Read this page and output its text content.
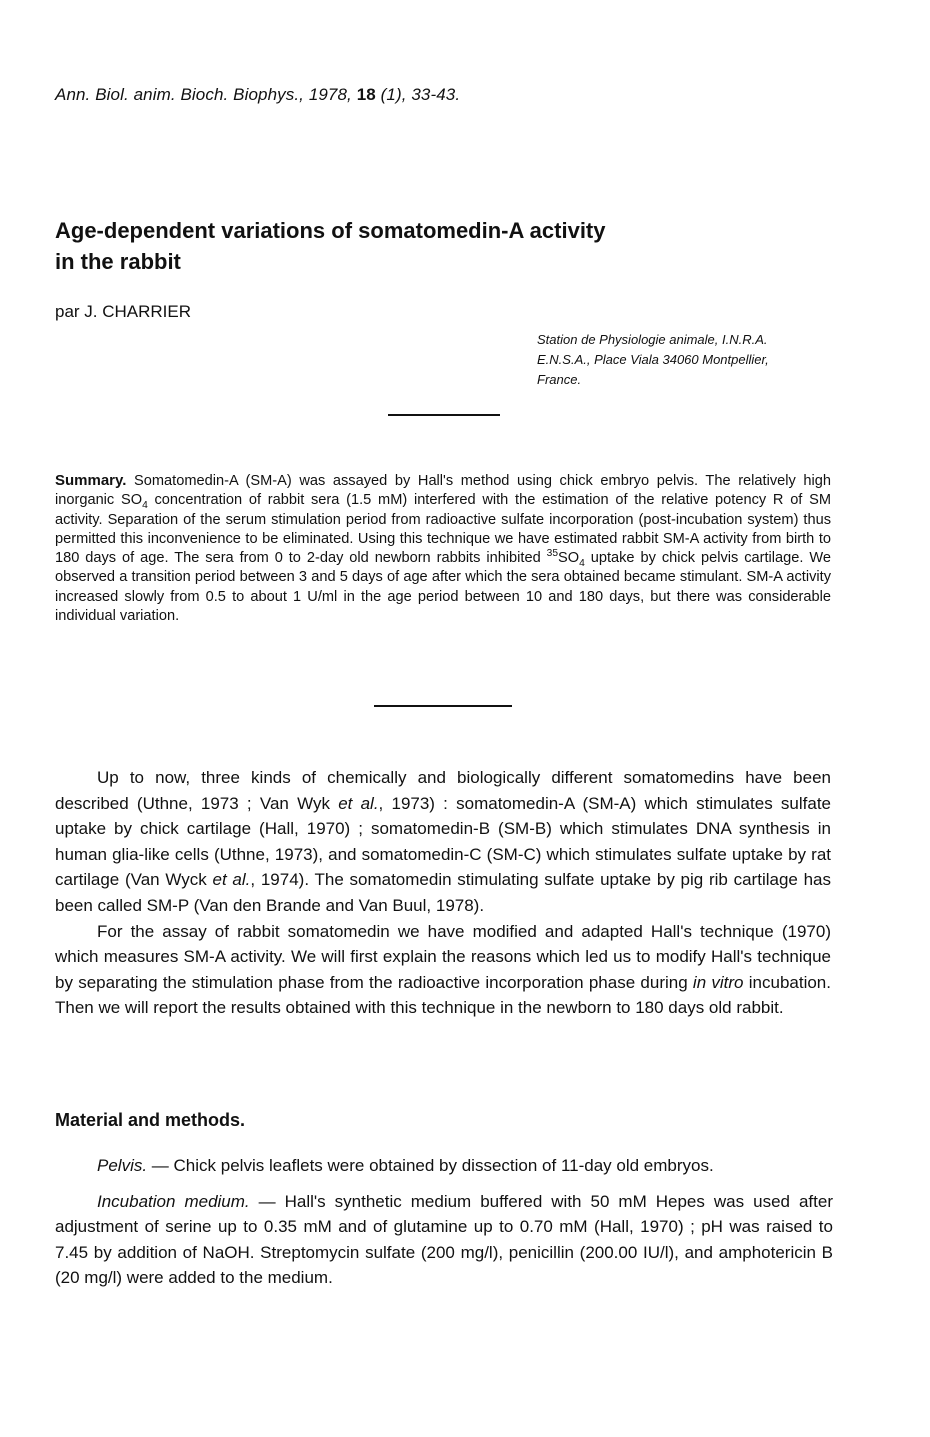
Ann. Biol. anim. Bioch. Biophys., 1978, 18 (1), 33-43.
Age-dependent variations of somatomedin-A activity
in the rabbit
par J. CHARRIER
Station de Physiologie animale, I.N.R.A.
E.N.S.A., Place Viala 34060 Montpellier,
France.
Summary. Somatomedin-A (SM-A) was assayed by Hall's method using chick embryo pelvis. The relatively high inorganic $SO_4$ concentration of rabbit sera (1.5 mM) interfered with the estimation of the relative potency R of SM activity. Separation of the serum stimulation period from radioactive sulfate incorporation (post-incubation system) thus permitted this inconvenience to be eliminated. Using this technique we have estimated rabbit SM-A activity from birth to 180 days of age. The sera from 0 to 2-day old newborn rabbits inhibited $^{35}SO_4$ uptake by chick pelvis cartilage. We observed a transition period between 3 and 5 days of age after which the sera obtained became stimulant. SM-A activity increased slowly from 0.5 to about 1 U/ml in the age period between 10 and 180 days, but there was considerable individual variation.

Up to now, three kinds of chemically and biologically different somatomedins have been described (Uthne, 1973 ; Van Wyk et al., 1973) : somatomedin-A (SM-A) which stimulates sulfate uptake by chick cartilage (Hall, 1970) ; somatomedin-B (SM-B) which stimulates DNA synthesis in human glia-like cells (Uthne, 1973), and somatomedin-C (SM-C) which stimulates sulfate uptake by rat cartilage (Van Wyck et al., 1974). The somatomedin stimulating sulfate uptake by pig rib cartilage has been called SM-P (Van den Brande and Van Buul, 1978).

For the assay of rabbit somatomedin we have modified and adapted Hall's technique (1970) which measures SM-A activity. We will first explain the reasons which led us to modify Hall's technique by separating the stimulation phase from the radioactive incorporation phase during in vitro incubation. Then we will report the results obtained with this technique in the newborn to 180 days old rabbit.

Material and methods.

Pelvis. — Chick pelvis leaflets were obtained by dissection of 11-day old embryos.

Incubation medium. — Hall's synthetic medium buffered with 50 mM Hepes was used after adjustment of serine up to 0.35 mM and of glutamine up to 0.70 mM (Hall, 1970) ; pH was raised to 7.45 by addition of NaOH. Streptomycin sulfate (200 mg/l), penicillin (200.00 IU/l), and amphotericin B (20 mg/l) were added to the medium.
